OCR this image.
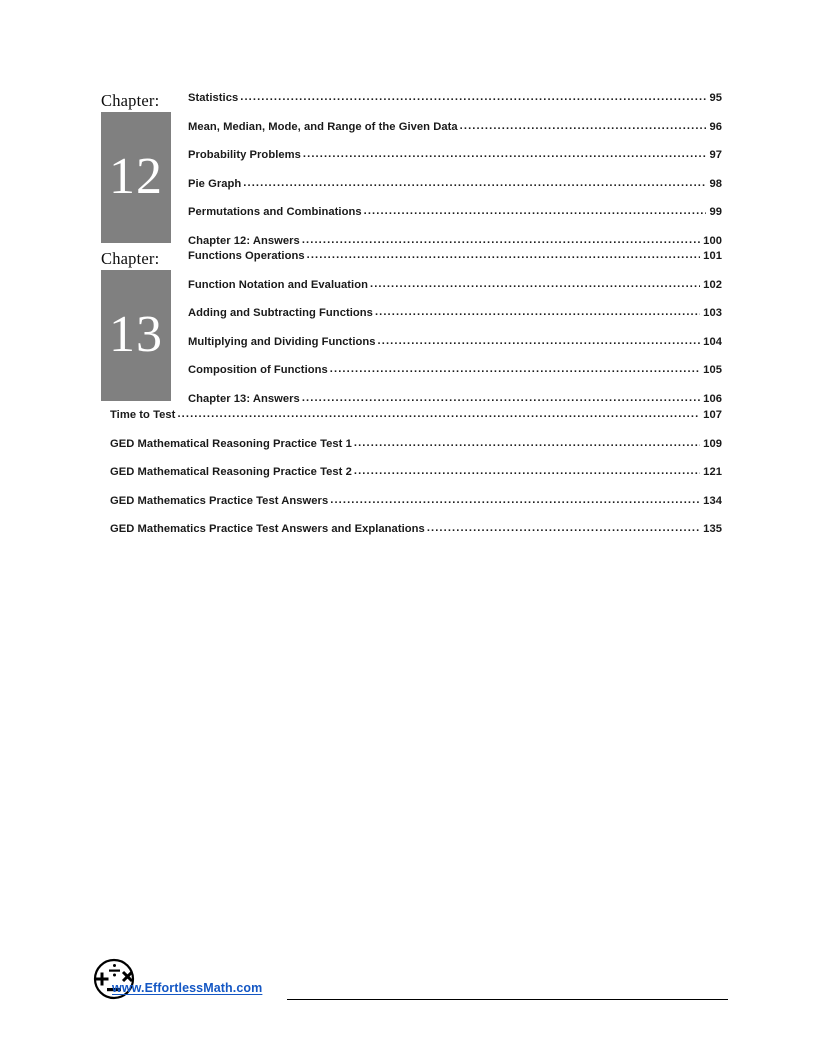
Chapter:
12
Statistics .....	95
Mean, Median, Mode, and Range of the Given Data .....	96
Probability Problems .....	97
Pie Graph .....	98
Permutations and Combinations .....	99
Chapter 12: Answers .....	100
Chapter:
13
Functions Operations .....	101
Function Notation and Evaluation .....	102
Adding and Subtracting Functions .....	103
Multiplying and Dividing Functions .....	104
Composition of Functions .....	105
Chapter 13: Answers .....	106
Time to Test .....	107
GED Mathematical Reasoning Practice Test 1 .....	109
GED Mathematical Reasoning Practice Test 2 .....	121
GED Mathematics Practice Test Answers .....	134
GED Mathematics Practice Test Answers and Explanations .....	135
www.EffortlessMath.com
